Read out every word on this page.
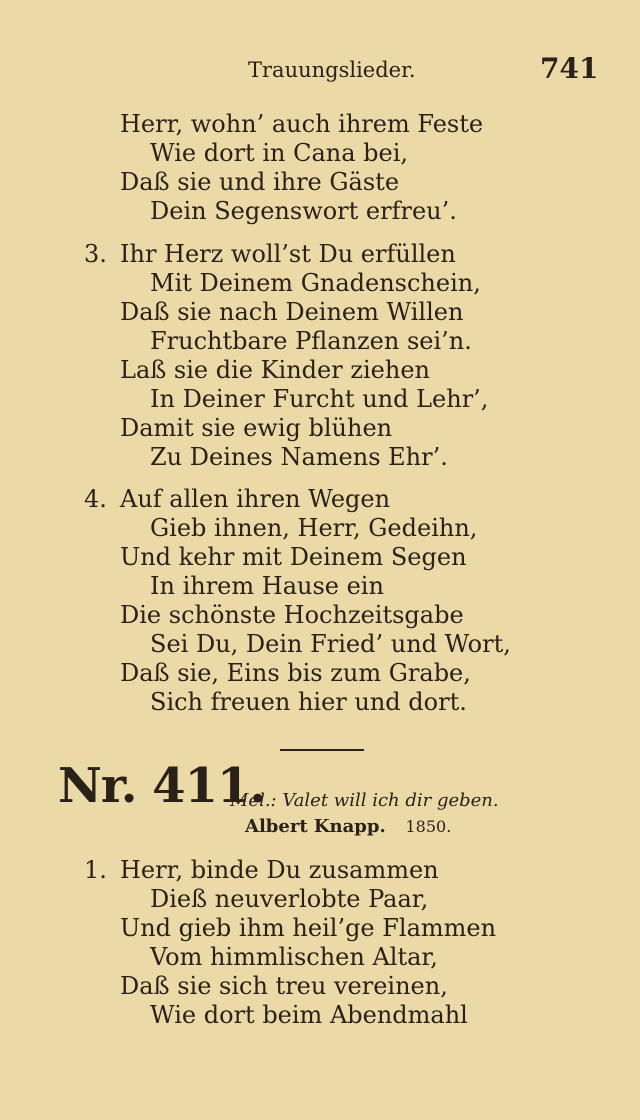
Trauungslieder.	741
Herr, wohn’ auch ihrem Feste
Wie dort in Cana bei,
Daß sie und ihre Gäste
Dein Segenswort erfreu’.
3. Ihr Herz woll’st Du erfüllen
Mit Deinem Gnadenschein,
Daß sie nach Deinem Willen
Fruchtbare Pflanzen sei’n.
Laß sie die Kinder ziehen
In Deiner Furcht und Lehr’,
Damit sie ewig blühen
Zu Deines Namens Ehr’.
4. Auf allen ihren Wegen
Gieb ihnen, Herr, Gedeihn,
Und kehr mit Deinem Segen
In ihrem Hause ein
Die schönste Hochzeitsgabe
Sei Du, Dein Fried’ und Wort,
Daß sie, Eins bis zum Grabe,
Sich freuen hier und dort.
Nr. 411.
Mel.: Valet will ich dir geben.
Albert Knapp. 1850.
1. Herr, binde Du zusammen
Dieß neuverlobte Paar,
Und gieb ihm heil’ge Flammen
Vom himmlischen Altar,
Daß sie sich treu vereinen,
Wie dort beim Abendmahl
